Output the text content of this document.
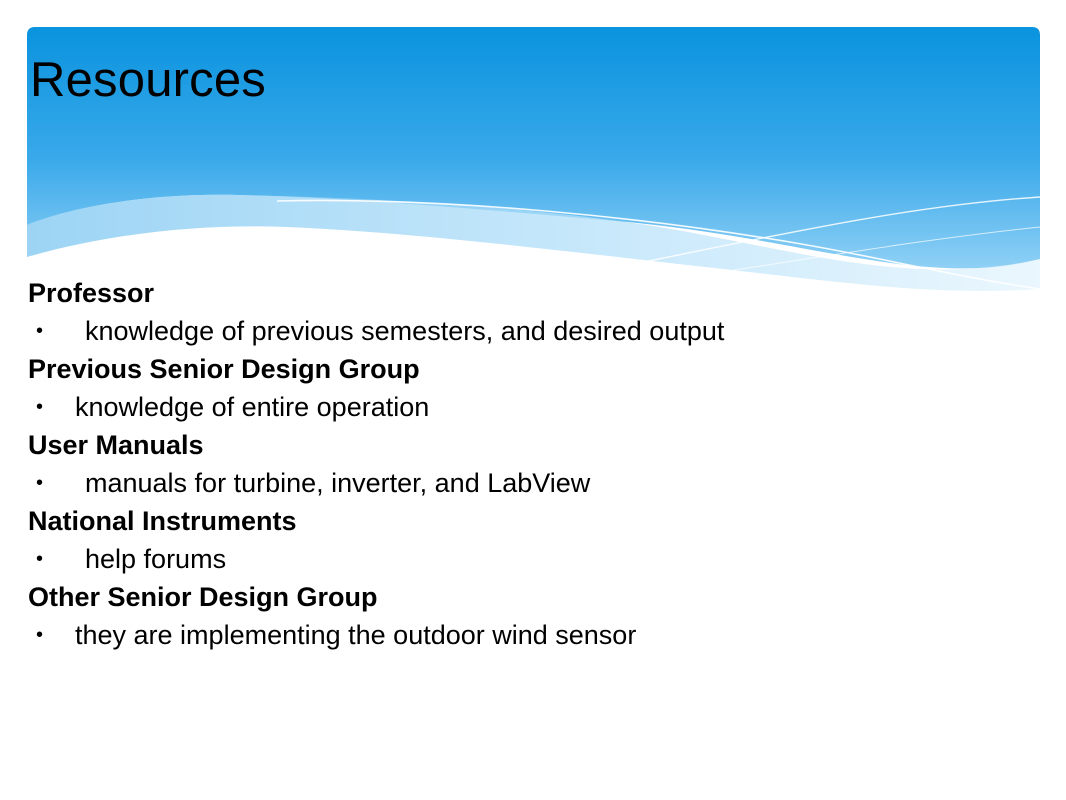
Resources
Professor
• knowledge of previous semesters, and desired output
Previous Senior Design Group
• knowledge of entire operation
User Manuals
• manuals for turbine, inverter, and LabView
National Instruments
• help forums
Other Senior Design Group
• they are implementing the outdoor wind sensor
